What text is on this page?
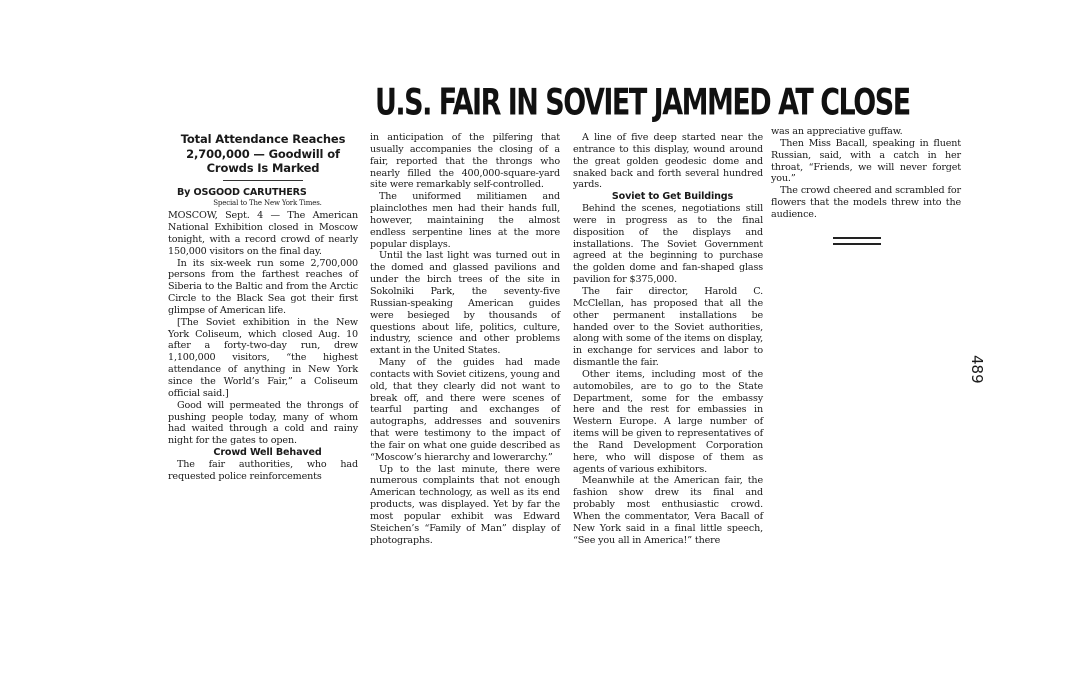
U.S. FAIR IN SOVIET JAMMED AT CLOSE
Total Attendance Reaches
2,700,000 — Goodwill of
Crowds Is Marked

By OSGOOD CARUTHERS

Special to The New York Times.

MOSCOW, Sept. 4 — The American National Exhibition closed in Moscow tonight, with a record crowd of nearly 150,000 visitors on the final day.

In its six-week run some 2,700,000 persons from the farthest reaches of Siberia to the Baltic and from the Arctic Circle to the Black Sea got their first glimpse of American life.

[The Soviet exhibition in the New York Coliseum, which closed Aug. 10 after a forty-two-day run, drew 1,100,000 visitors, “the highest attendance of anything in New York since the World’s Fair,” a Coliseum official said.]

Good will permeated the throngs of pushing people today, many of whom had waited through a cold and rainy night for the gates to open.

Crowd Well Behaved

The fair authorities, who had requested police reinforcements

in anticipation of the pilfering that usually accompanies the closing of a fair, reported that the throngs who nearly filled the 400,000-square-yard site were remarkably self-controlled.

The uniformed militiamen and plainclothes men had their hands full, however, maintaining the almost endless serpentine lines at the more popular displays.

Until the last light was turned out in the domed and glassed pavilions and under the birch trees of the site in Sokolniki Park, the seventy-five Russian-speaking American guides were besieged by thousands of questions about life, politics, culture, industry, science and other problems extant in the United States.

Many of the guides had made contacts with Soviet citizens, young and old, that they clearly did not want to break off, and there were scenes of tearful parting and exchanges of autographs, addresses and souvenirs that were testimony to the impact of the fair on what one guide described as “Moscow’s hierarchy and lowerarchy.”

Up to the last minute, there were numerous complaints that not enough American technology, as well as its end products, was displayed. Yet by far the most popular exhibit was Edward Steichen’s “Family of Man” display of photographs.

A line of five deep started near the entrance to this display, wound around the great golden geodesic dome and snaked back and forth several hundred yards.

Soviet to Get Buildings

Behind the scenes, negotiations still were in progress as to the final disposition of the displays and installations. The Soviet Government agreed at the beginning to purchase the golden dome and fan-shaped glass pavilion for $375,000.

The fair director, Harold C. McClellan, has proposed that all the other permanent installations be handed over to the Soviet authorities, along with some of the items on display, in exchange for services and labor to dismantle the fair.

Other items, including most of the automobiles, are to go to the State Department, some for the embassy here and the rest for embassies in Western Europe. A large number of items will be given to representatives of the Rand Development Corporation here, who will dispose of them as agents of various exhibitors.

Meanwhile at the American fair, the fashion show drew its final and probably most enthusiastic crowd. When the commentator, Vera Bacall of New York said in a final little speech, “See you all in America!” there

was an appreciative guffaw.

Then Miss Bacall, speaking in fluent Russian, said, with a catch in her throat, “Friends, we will never forget you.”

The crowd cheered and scrambled for flowers that the models threw into the audience.

489
